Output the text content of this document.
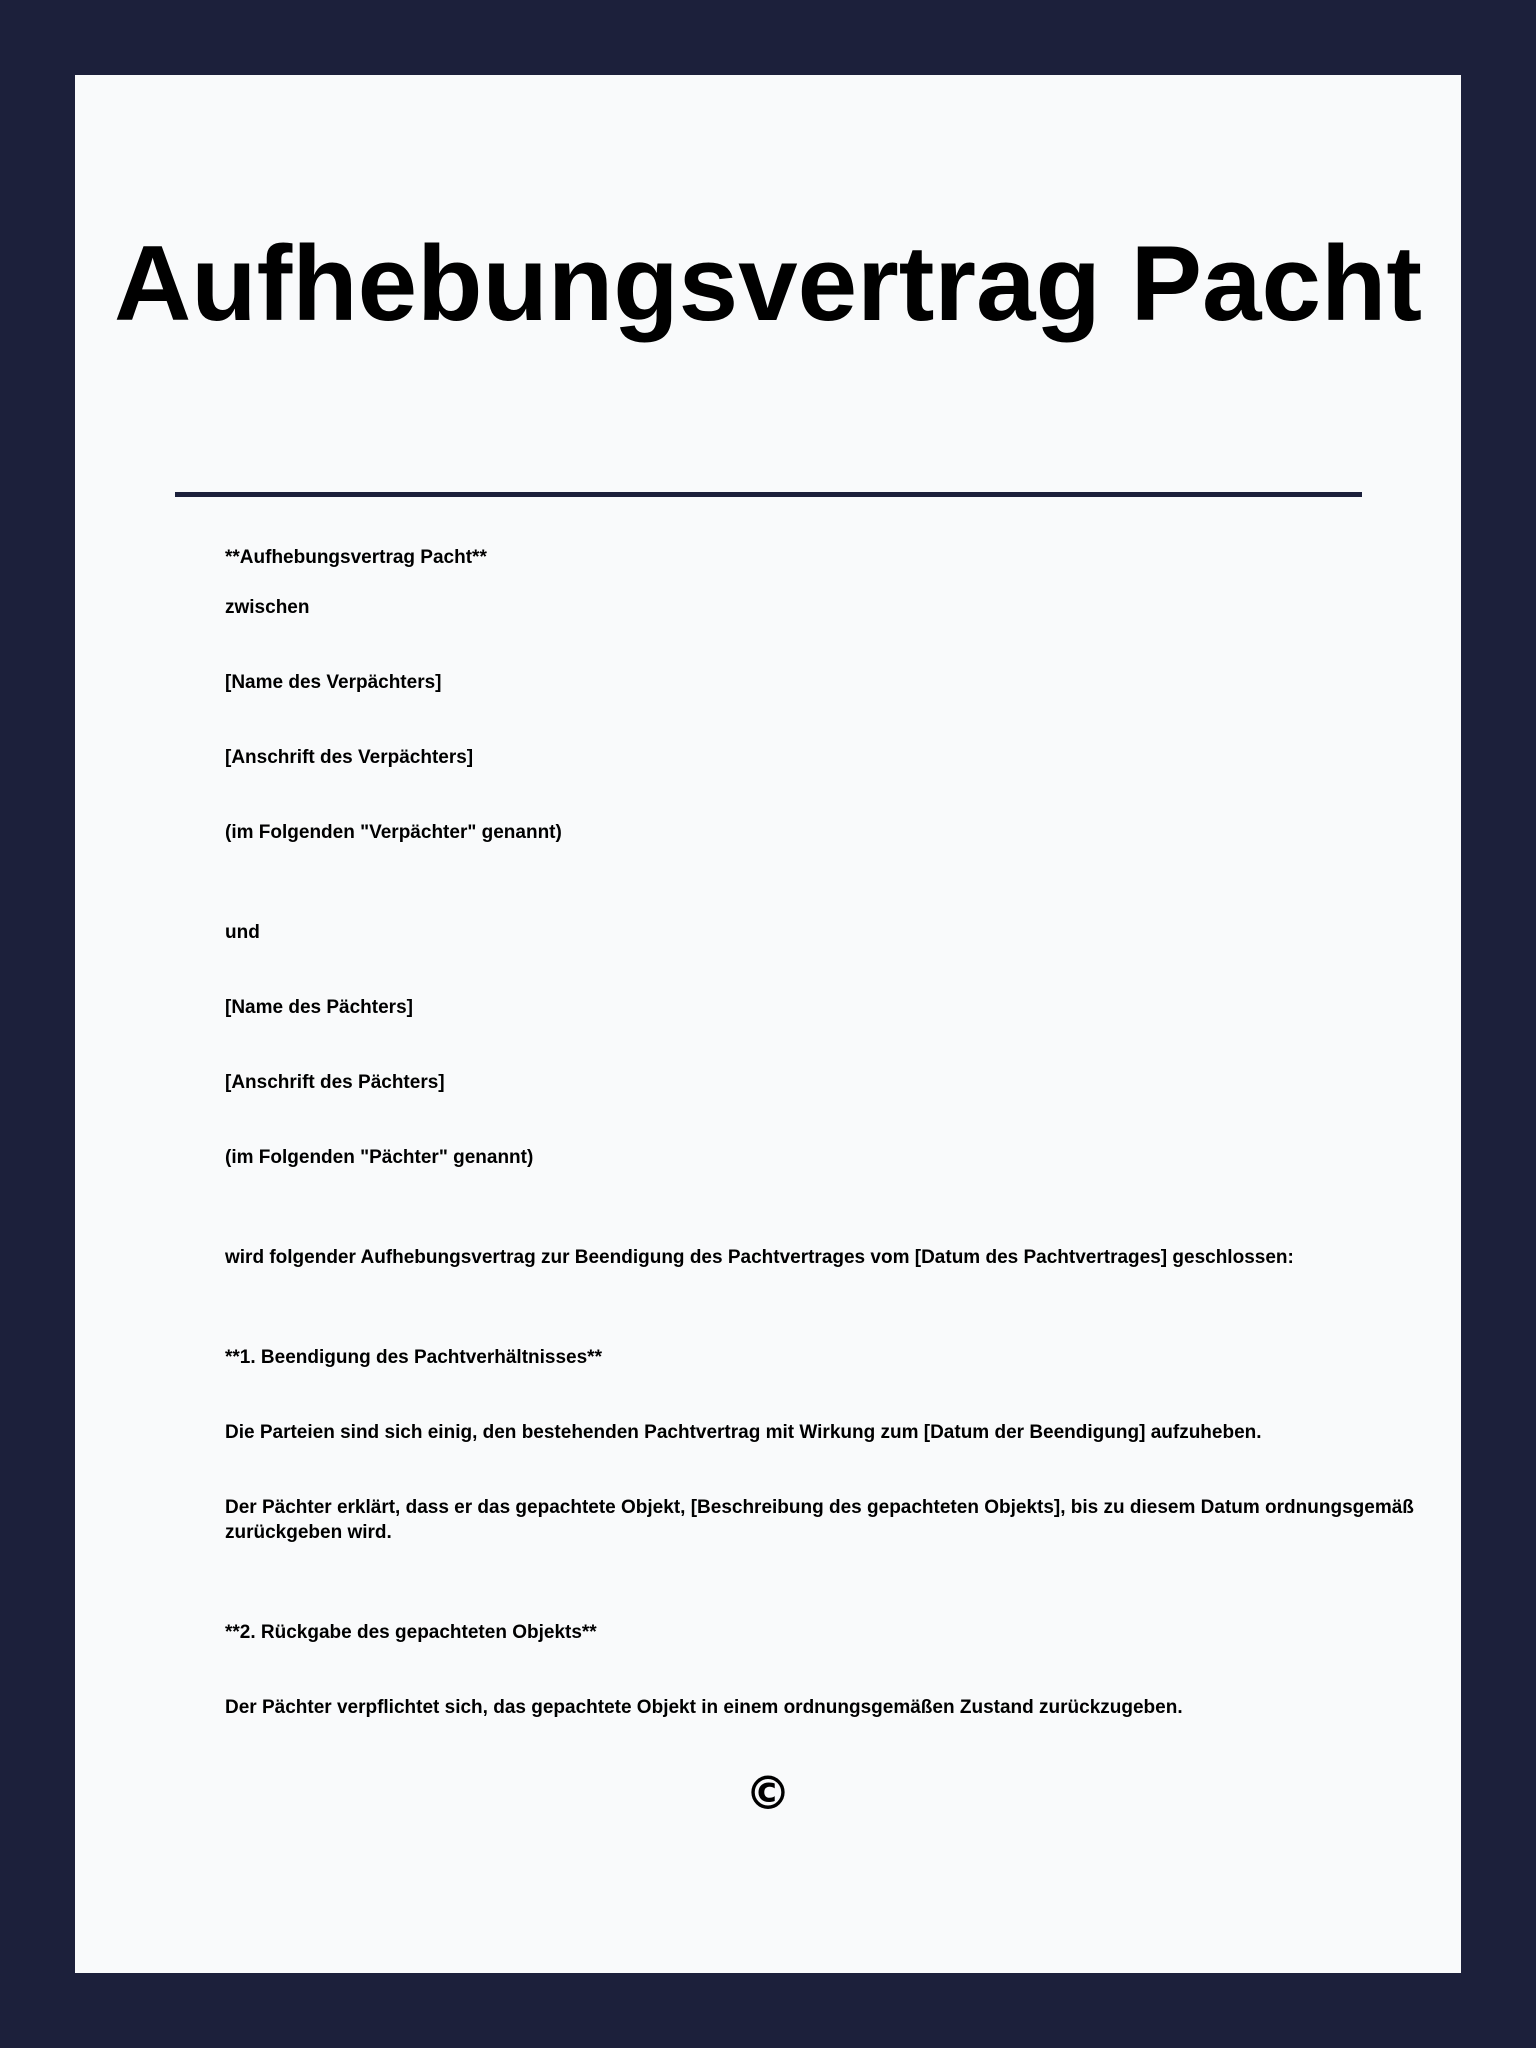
Aufhebungsvertrag Pacht

**Aufhebungsvertrag Pacht**

zwischen

[Name des Verpächters]

[Anschrift des Verpächters]

(im Folgenden "Verpächter" genannt)

und

[Name des Pächters]

[Anschrift des Pächters]

(im Folgenden "Pächter" genannt)

wird folgender Aufhebungsvertrag zur Beendigung des Pachtvertrages vom [Datum des Pachtvertrages] geschlossen:

**1. Beendigung des Pachtverhältnisses**

Die Parteien sind sich einig, den bestehenden Pachtvertrag mit Wirkung zum [Datum der Beendigung] aufzuheben.

Der Pächter erklärt, dass er das gepachtete Objekt, [Beschreibung des gepachteten Objekts], bis zu diesem Datum ordnungsgemäß zurückgeben wird.

**2. Rückgabe des gepachteten Objekts**

Der Pächter verpflichtet sich, das gepachtete Objekt in einem ordnungsgemäßen Zustand zurückzugeben.

©
